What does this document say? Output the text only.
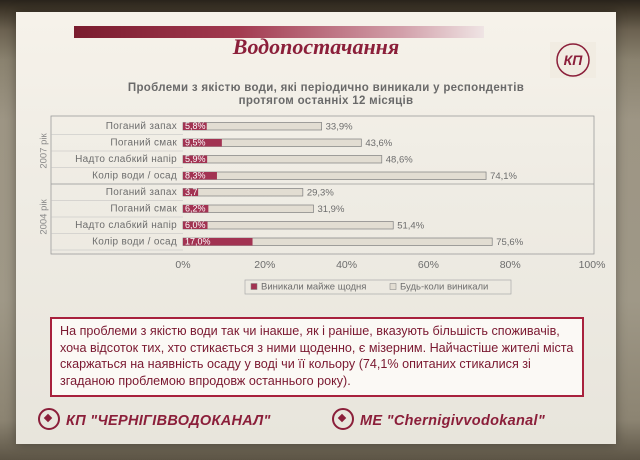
Водопостачання
КП
Проблеми з якістю води, які періодично виникали у респондентів
протягом останніх 12 місяців
2007 рік
Поганий запах 5,8%	33,9%
Поганий смак 9,5%	43,6%
Надто слабкий напір 5,9%	48,6%
Колір води / осад 8,3%	74,1%
2004 рік
Поганий запах 3,7	29,3%
Поганий смак 6,2%	31,9%
Надто слабкий напір 6,0%	51,4%
Колір води / осад 17,0%	75,6%
0%	20%	40%	60%	80%	100%
Виникали майже щодня	Будь-коли виникали
На проблеми з якістю води так чи інакше, як і раніше, вказують більшість споживачів, хоча відсоток тих, хто стикається з ними щоденно, є мізерним. Найчастіше жителі міста скаржаться на наявність осаду у воді чи її кольору (74,1% опитаних стикалися зі згаданою проблемою впродовж останнього року).
КП "ЧЕРНІГІВВОДОКАНАЛ"	МЕ "Chernigivvodokanal"
